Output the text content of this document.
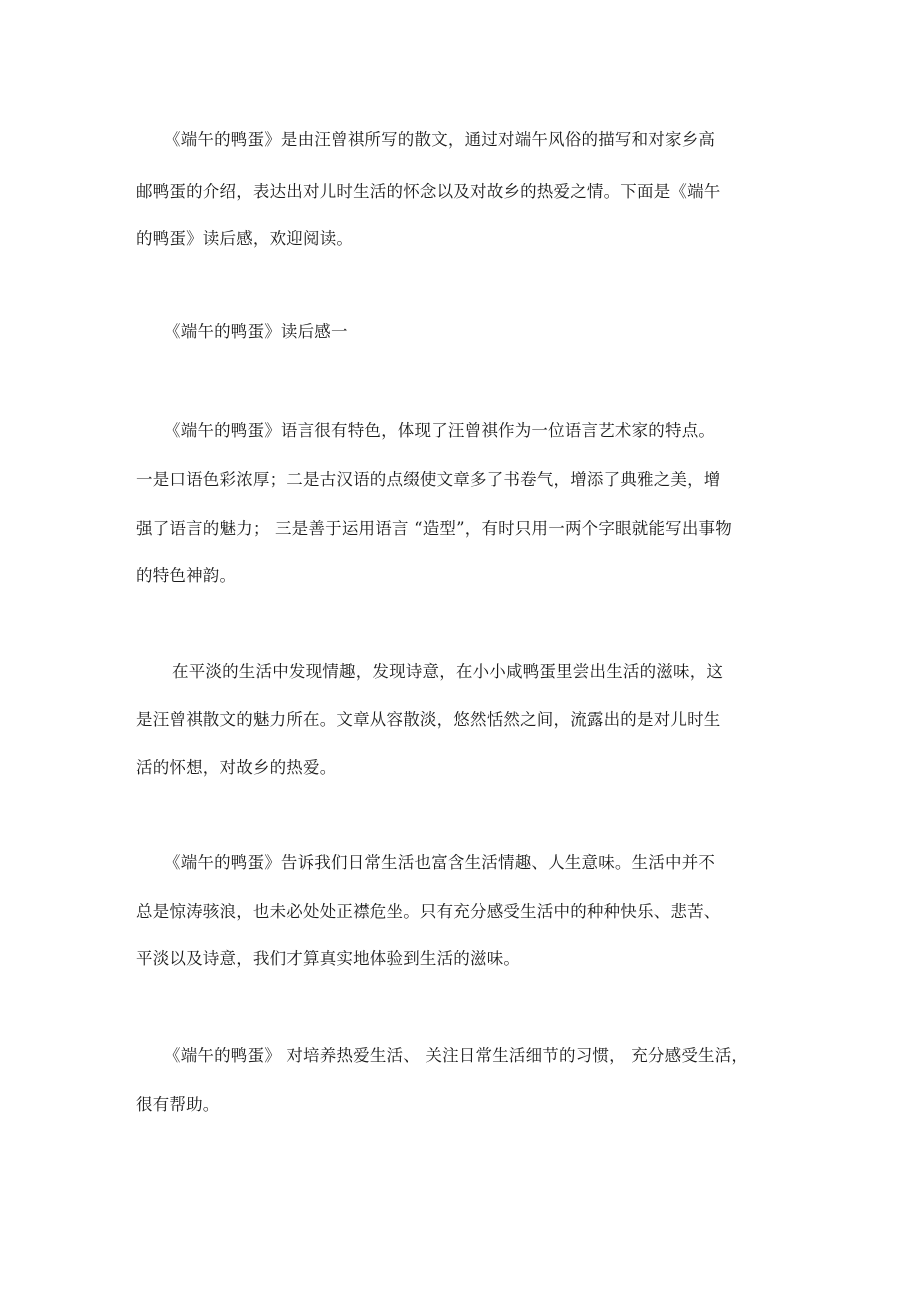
《端午的鸭蛋》是由汪曾祺所写的散文，通过对端午风俗的描写和对家乡高
邮鸭蛋的介绍，表达出对儿时生活的怀念以及对故乡的热爱之情。下面是《端午
的鸭蛋》读后感，欢迎阅读。
《端午的鸭蛋》读后感一
《端午的鸭蛋》语言很有特色，体现了汪曾祺作为一位语言艺术家的特点。
一是口语色彩浓厚；二是古汉语的点缀使文章多了书卷气，增添了典雅之美，增
强了语言的魅力； 三是善于运用语言 “造型”，有时只用一两个字眼就能写出事物
的特色神韵。
在平淡的生活中发现情趣，发现诗意，在小小咸鸭蛋里尝出生活的滋味，这
是汪曾祺散文的魅力所在。文章从容散淡，悠然恬然之间，流露出的是对儿时生
活的怀想，对故乡的热爱。
《端午的鸭蛋》告诉我们日常生活也富含生活情趣、人生意味。生活中并不
总是惊涛骇浪，也未必处处正襟危坐。只有充分感受生活中的种种快乐、悲苦、
平淡以及诗意，我们才算真实地体验到生活的滋味。
《端午的鸭蛋》 对培养热爱生活、 关注日常生活细节的习惯， 充分感受生活，
很有帮助。
